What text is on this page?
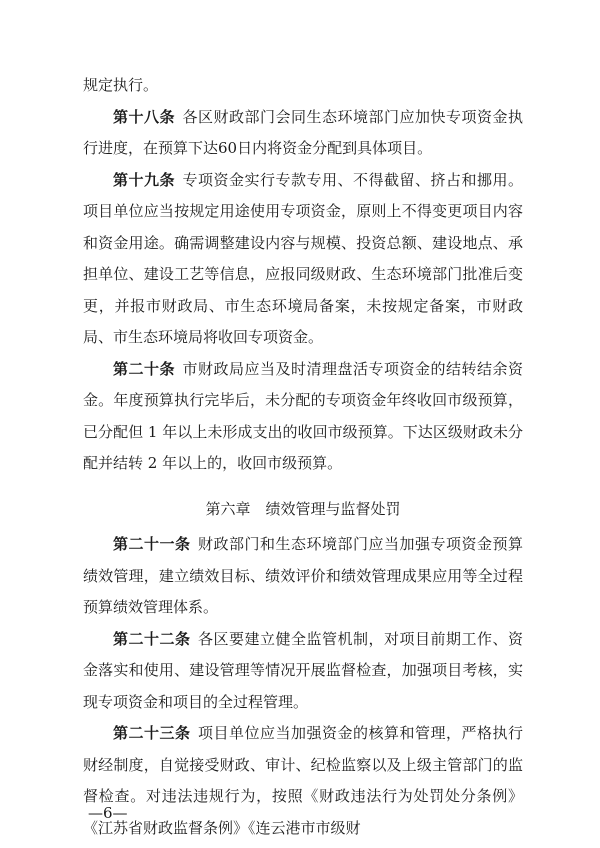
规定执行。

第十八条 各区财政部门会同生态环境部门应加快专项资金执行进度，在预算下达60日内将资金分配到具体项目。

第十九条 专项资金实行专款专用、不得截留、挤占和挪用。项目单位应当按规定用途使用专项资金，原则上不得变更项目内容和资金用途。确需调整建设内容与规模、投资总额、建设地点、承担单位、建设工艺等信息，应报同级财政、生态环境部门批准后变更，并报市财政局、市生态环境局备案，未按规定备案，市财政局、市生态环境局将收回专项资金。

第二十条 市财政局应当及时清理盘活专项资金的结转结余资金。年度预算执行完毕后，未分配的专项资金年终收回市级预算，已分配但 1 年以上未形成支出的收回市级预算。下达区级财政未分配并结转 2 年以上的，收回市级预算。

第六章 绩效管理与监督处罚

第二十一条 财政部门和生态环境部门应当加强专项资金预算绩效管理，建立绩效目标、绩效评价和绩效管理成果应用等全过程预算绩效管理体系。

第二十二条 各区要建立健全监管机制，对项目前期工作、资金落实和使用、建设管理等情况开展监督检查，加强项目考核，实现专项资金和项目的全过程管理。

第二十三条 项目单位应当加强资金的核算和管理，严格执行财经制度，自觉接受财政、审计、纪检监察以及上级主管部门的监督检查。对违法违规行为，按照《财政违法行为处罚处分条例》《江苏省财政监督条例》《连云港市市级财

—6—
